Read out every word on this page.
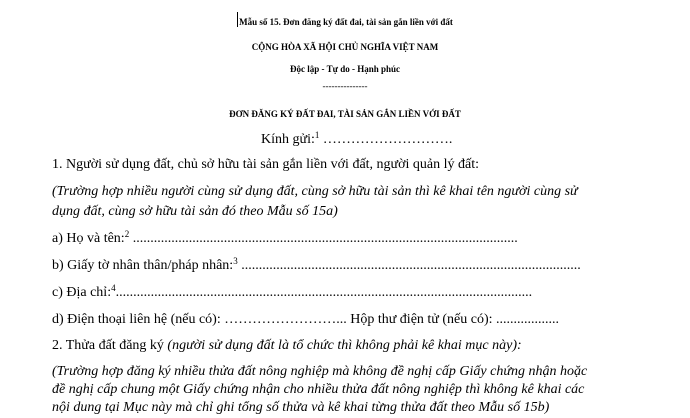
Mẫu số 15. Đơn đăng ký đất đai, tài sản gắn liền với đất
CỘNG HÒA XÃ HỘI CHỦ NGHĨA VIỆT NAM
Độc lập - Tự do - Hạnh phúc
---------------
ĐƠN ĐĂNG KÝ ĐẤT ĐAI, TÀI SẢN GẮN LIỀN VỚI ĐẤT
Kính gửi:$^1$ ……………………….
1. Người sử dụng đất, chủ sở hữu tài sản gắn liền với đất, người quản lý đất:
(Trường hợp nhiều người cùng sử dụng đất, cùng sở hữu tài sản thì kê khai tên người cùng sử
dụng đất, cùng sở hữu tài sản đó theo Mẫu số 15a)
a) Họ và tên:$^2$ ..............................................................................................................
b) Giấy tờ nhân thân/pháp nhân:$^3$ .................................................................................................
c) Địa chỉ:$^4$.......................................................................................................................
d) Điện thoại liên hệ (nếu có): ……………………... Hộp thư điện tử (nếu có): ..................
2. Thửa đất đăng ký (người sử dụng đất là tổ chức thì không phải kê khai mục này):
(Trường hợp đăng ký nhiều thửa đất nông nghiệp mà không đề nghị cấp Giấy chứng nhận hoặc
đề nghị cấp chung một Giấy chứng nhận cho nhiều thửa đất nông nghiệp thì không kê khai các
nội dung tại Mục này mà chỉ ghi tổng số thửa và kê khai từng thửa đất theo Mẫu số 15b)
